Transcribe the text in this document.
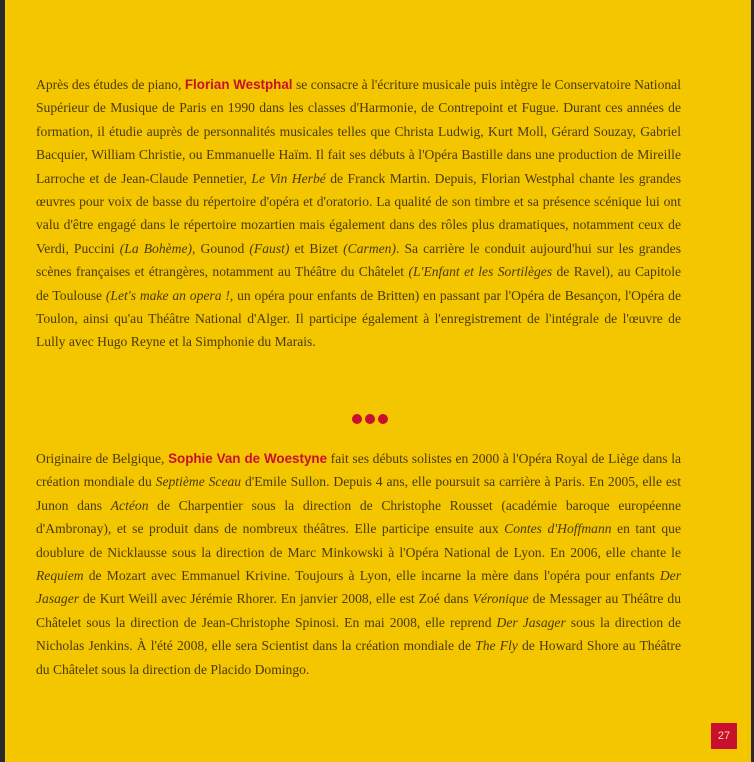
Après des études de piano, Florian Westphal se consacre à l'écriture musicale puis intègre le Conservatoire National Supérieur de Musique de Paris en 1990 dans les classes d'Harmonie, de Contrepoint et Fugue. Durant ces années de formation, il étudie auprès de personnalités musicales telles que Christa Ludwig, Kurt Moll, Gérard Souzay, Gabriel Bacquier, William Christie, ou Emmanuelle Haïm. Il fait ses débuts à l'Opéra Bastille dans une production de Mireille Larroche et de Jean-Claude Pennetier, Le Vin Herbé de Franck Martin. Depuis, Florian Westphal chante les grandes œuvres pour voix de basse du répertoire d'opéra et d'oratorio. La qualité de son timbre et sa présence scénique lui ont valu d'être engagé dans le répertoire mozartien mais également dans des rôles plus dramatiques, notamment ceux de Verdi, Puccini (La Bohème), Gounod (Faust) et Bizet (Carmen). Sa carrière le conduit aujourd'hui sur les grandes scènes françaises et étrangères, notamment au Théâtre du Châtelet (L'Enfant et les Sortilèges de Ravel), au Capitole de Toulouse (Let's make an opera !, un opéra pour enfants de Britten) en passant par l'Opéra de Besançon, l'Opéra de Toulon, ainsi qu'au Théâtre National d'Alger. Il participe également à l'enregistrement de l'intégrale de l'œuvre de Lully avec Hugo Reyne et la Simphonie du Marais.

Originaire de Belgique, Sophie Van de Woestyne fait ses débuts solistes en 2000 à l'Opéra Royal de Liège dans la création mondiale du Septième Sceau d'Emile Sullon. Depuis 4 ans, elle poursuit sa carrière à Paris. En 2005, elle est Junon dans Actéon de Charpentier sous la direction de Christophe Rousset (académie baroque européenne d'Ambronay), et se produit dans de nombreux théâtres. Elle participe ensuite aux Contes d'Hoffmann en tant que doublure de Nicklausse sous la direction de Marc Minkowski à l'Opéra National de Lyon. En 2006, elle chante le Requiem de Mozart avec Emmanuel Krivine. Toujours à Lyon, elle incarne la mère dans l'opéra pour enfants Der Jasager de Kurt Weill avec Jérémie Rhorer. En janvier 2008, elle est Zoé dans Véronique de Messager au Théâtre du Châtelet sous la direction de Jean-Christophe Spinosi. En mai 2008, elle reprend Der Jasager sous la direction de Nicholas Jenkins. À l'été 2008, elle sera Scientist dans la création mondiale de The Fly de Howard Shore au Théâtre du Châtelet sous la direction de Placido Domingo.

27
